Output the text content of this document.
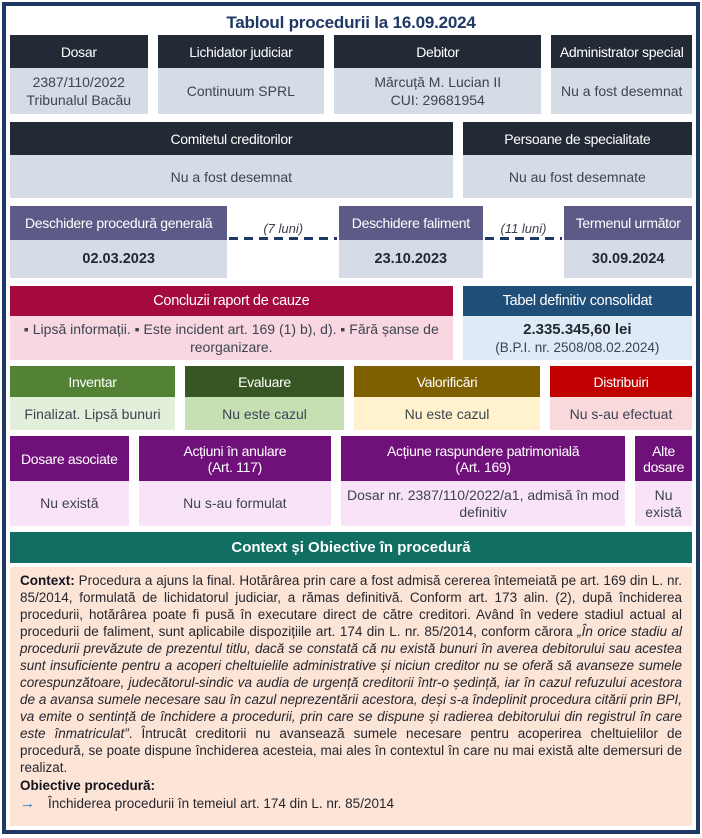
Tabloul procedurii la 16.09.2024
Dosar
2387/110/2022
Tribunalul Bacău
Lichidator judiciar
Continuum SPRL
Debitor
Mărcuță M. Lucian II
CUI: 29681954
Administrator special
Nu a fost desemnat
Comitetul creditorilor
Nu a fost desemnat
Persoane de specialitate
Nu au fost desemnate
Deschidere procedură generală	(7 luni)	Deschidere faliment	(11 luni)	Termenul următor
02.03.2023	23.10.2023	30.09.2024
Concluzii raport de cauze
▪ Lipsă informații. ▪ Este incident art. 169 (1) b), d). ▪ Fără șanse de reorganizare.
Tabel definitiv consolidat
2.335.345,60 lei
(B.P.I. nr. 2508/08.02.2024)
Inventar
Finalizat. Lipsă bunuri
Evaluare
Nu este cazul
Valorificări
Nu este cazul
Distribuiri
Nu s-au efectuat
Dosare asociate
Nu există
Acțiuni în anulare
(Art. 117)
Nu s-au formulat
Acțiune raspundere patrimonială
(Art. 169)
Dosar nr. 2387/110/2022/a1, admisă în mod definitiv
Alte dosare
Nu există
Context și Obiective în procedură

Context: Procedura a ajuns la final. Hotărârea prin care a fost admisă cererea întemeiată pe art. 169 din L. nr. 85/2014, formulată de lichidatorul judiciar, a rămas definitivă. Conform art. 173 alin. (2), după închiderea procedurii, hotărârea poate fi pusă în executare direct de către creditori. Având în vedere stadiul actual al procedurii de faliment, sunt aplicabile dispozițiile art. 174 din L. nr. 85/2014, conform cărora „În orice stadiu al procedurii prevăzute de prezentul titlu, dacă se constată că nu există bunuri în averea debitorului sau acestea sunt insuficiente pentru a acoperi cheltuielile administrative și niciun creditor nu se oferă să avanseze sumele corespunzătoare, judecătorul-sindic va audia de urgență creditorii într-o ședință, iar în cazul refuzului acestora de a avansa sumele necesare sau în cazul neprezentării acestora, deși s-a îndeplinit procedura citării prin BPI, va emite o sentință de închidere a procedurii, prin care se dispune și radierea debitorului din registrul în care este înmatriculat”. Întrucât creditorii nu avansează sumele necesare pentru acoperirea cheltuielilor de procedură, se poate dispune închiderea acesteia, mai ales în contextul în care nu mai există alte demersuri de realizat.

Obiective procedură:
→ Închiderea procedurii în temeiul art. 174 din L. nr. 85/2014
